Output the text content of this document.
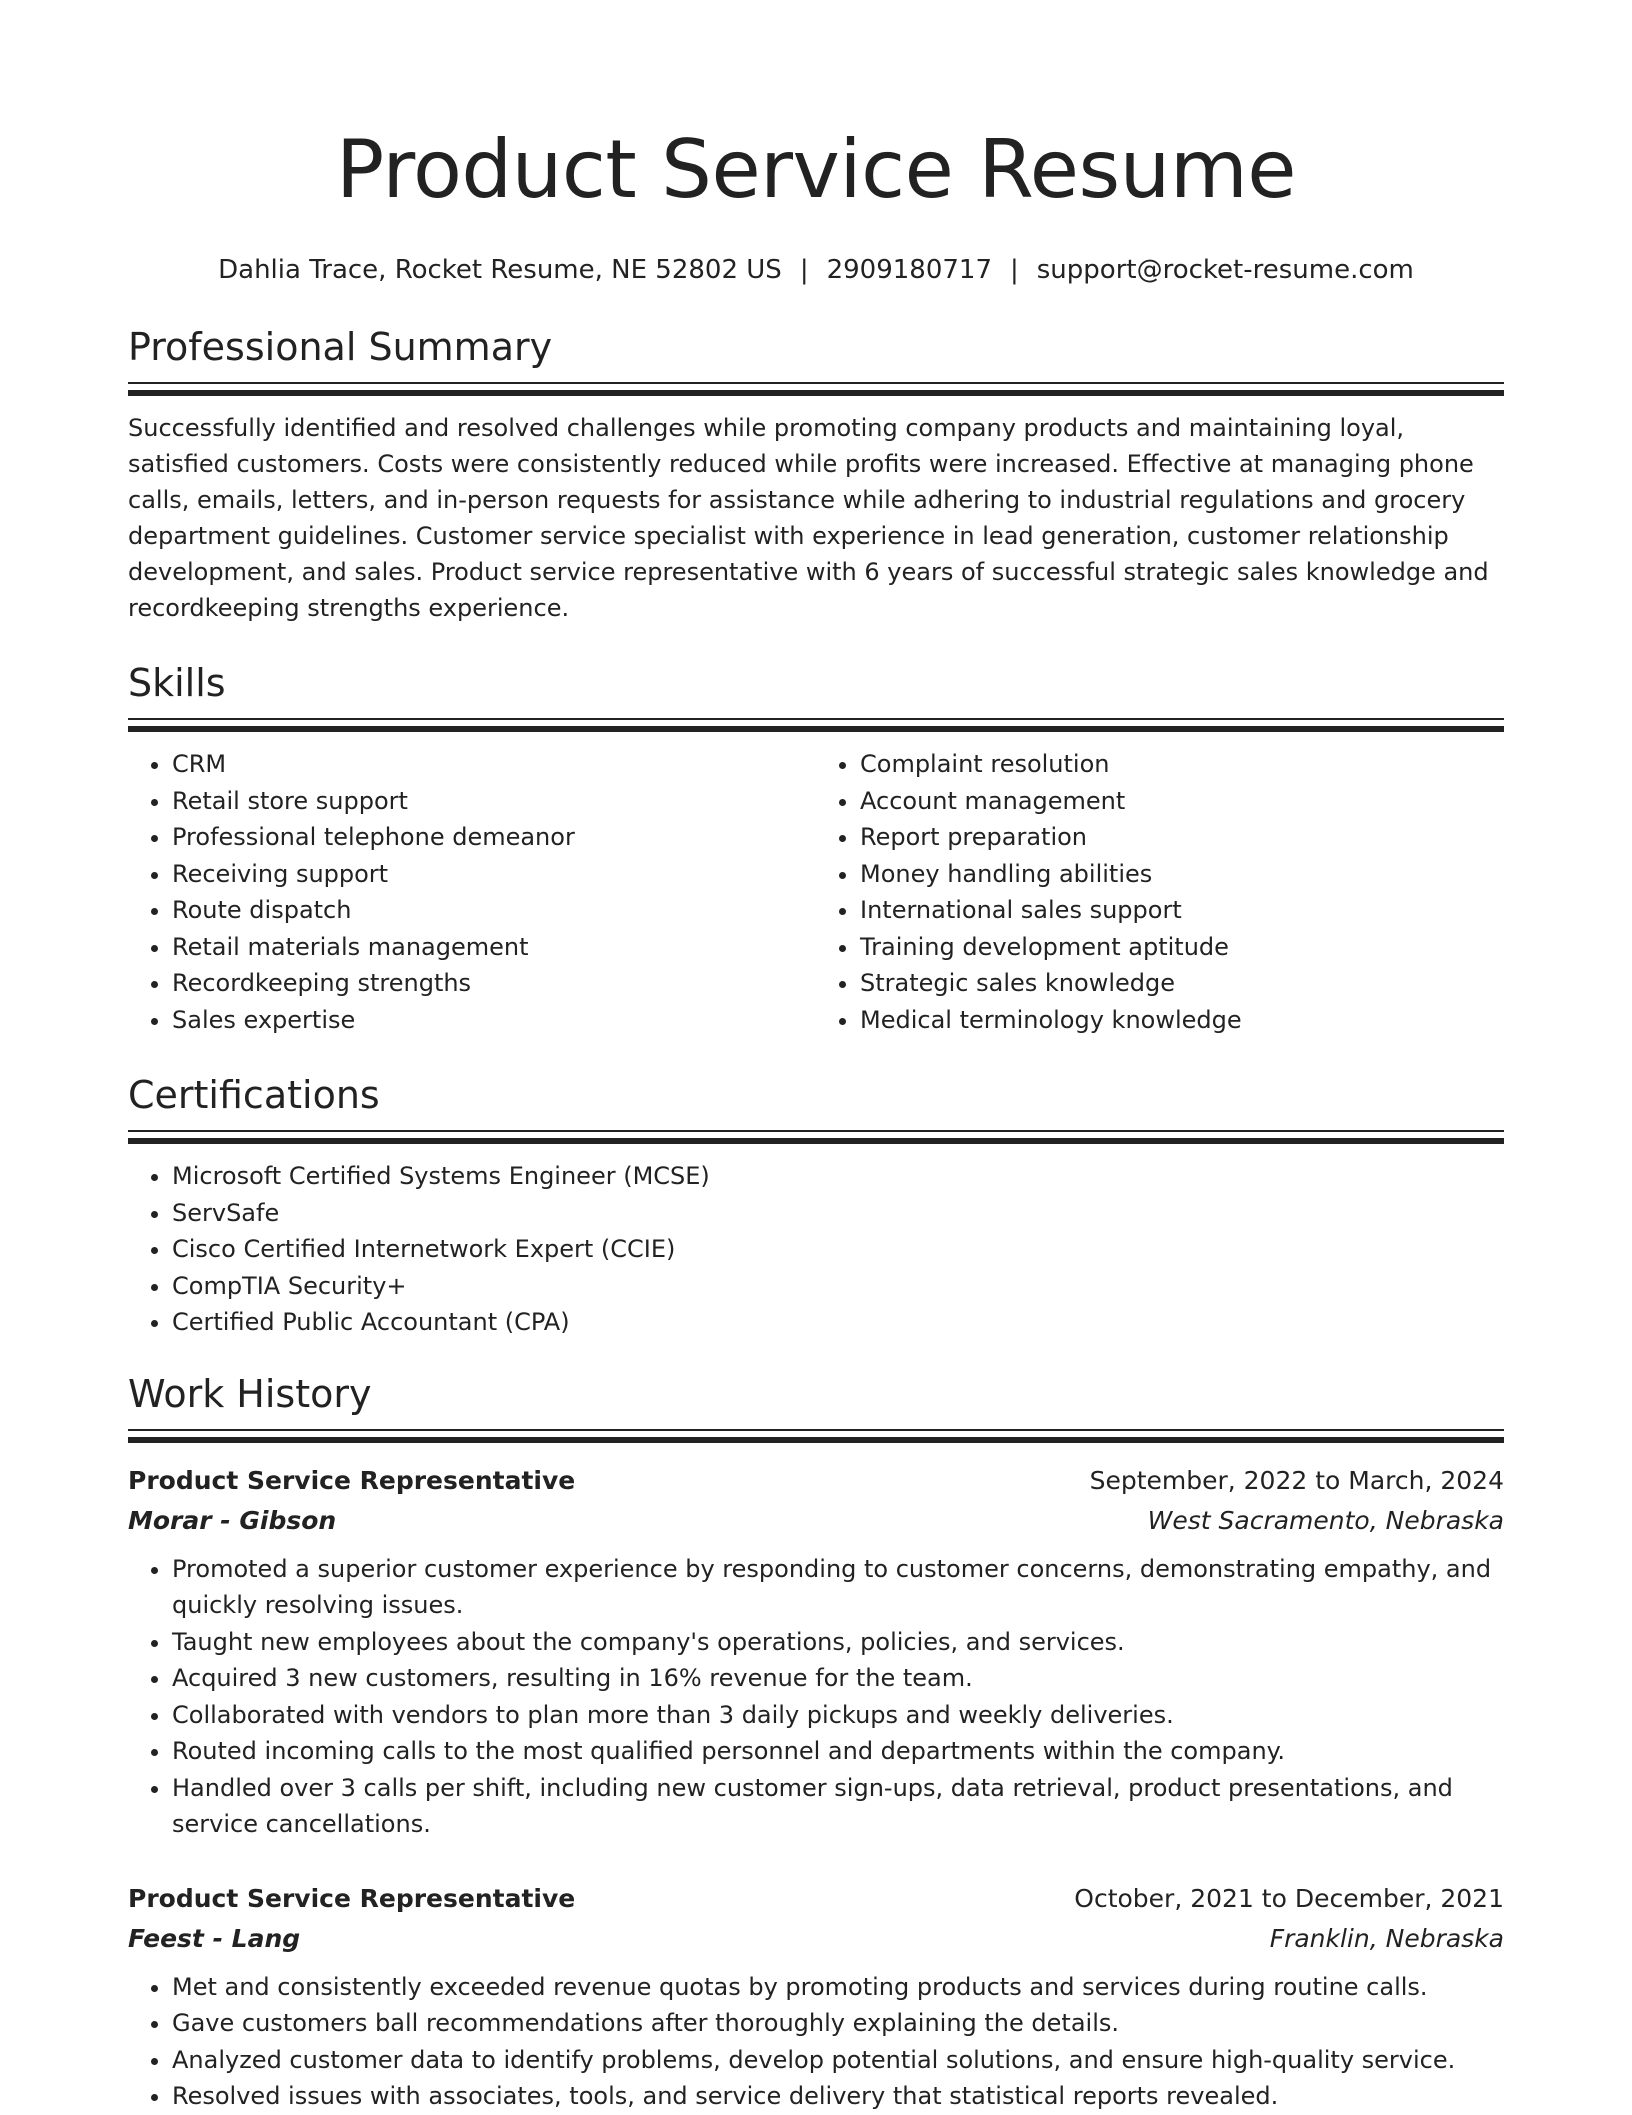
Product Service Resume
Dahlia Trace, Rocket Resume, NE 52802 US | 2909180717 | support@rocket-resume.com
Professional Summary

Successfully identified and resolved challenges while promoting company products and maintaining loyal, satisfied customers. Costs were consistently reduced while profits were increased. Effective at managing phone calls, emails, letters, and in-person requests for assistance while adhering to industrial regulations and grocery department guidelines. Customer service specialist with experience in lead generation, customer relationship development, and sales. Product service representative with 6 years of successful strategic sales knowledge and recordkeeping strengths experience.

Skills
• CRM
• Retail store support
• Professional telephone demeanor
• Receiving support
• Route dispatch
• Retail materials management
• Recordkeeping strengths
• Sales expertise
• Complaint resolution
• Account management
• Report preparation
• Money handling abilities
• International sales support
• Training development aptitude
• Strategic sales knowledge
• Medical terminology knowledge
Certifications
• Microsoft Certified Systems Engineer (MCSE)
• ServSafe
• Cisco Certified Internetwork Expert (CCIE)
• CompTIA Security+
• Certified Public Accountant (CPA)
Work History
Product Service Representative	September, 2022 to March, 2024
Morar - Gibson	West Sacramento, Nebraska
• Promoted a superior customer experience by responding to customer concerns, demonstrating empathy, and quickly resolving issues.
• Taught new employees about the company's operations, policies, and services.
• Acquired 3 new customers, resulting in 16% revenue for the team.
• Collaborated with vendors to plan more than 3 daily pickups and weekly deliveries.
• Routed incoming calls to the most qualified personnel and departments within the company.
• Handled over 3 calls per shift, including new customer sign-ups, data retrieval, product presentations, and service cancellations.
Product Service Representative	October, 2021 to December, 2021
Feest - Lang	Franklin, Nebraska
• Met and consistently exceeded revenue quotas by promoting products and services during routine calls.
• Gave customers ball recommendations after thoroughly explaining the details.
• Analyzed customer data to identify problems, develop potential solutions, and ensure high-quality service.
• Resolved issues with associates, tools, and service delivery that statistical reports revealed.
